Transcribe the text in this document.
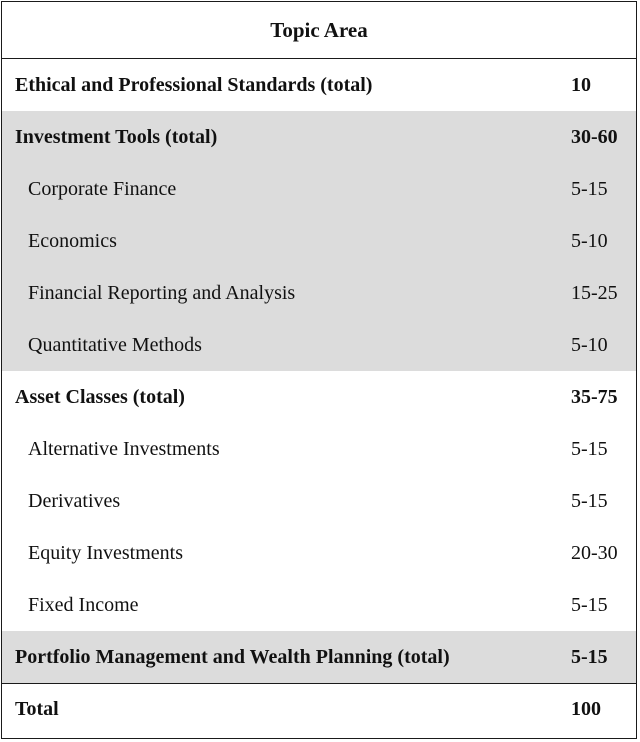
Topic Area
Ethical and Professional Standards (total)	10
Investment Tools (total)	30-60
Corporate Finance	5-15
Economics	5-10
Financial Reporting and Analysis	15-25
Quantitative Methods	5-10
Asset Classes (total)	35-75
Alternative Investments	5-15
Derivatives	5-15
Equity Investments	20-30
Fixed Income	5-15
Portfolio Management and Wealth Planning (total)	5-15
Total	100
